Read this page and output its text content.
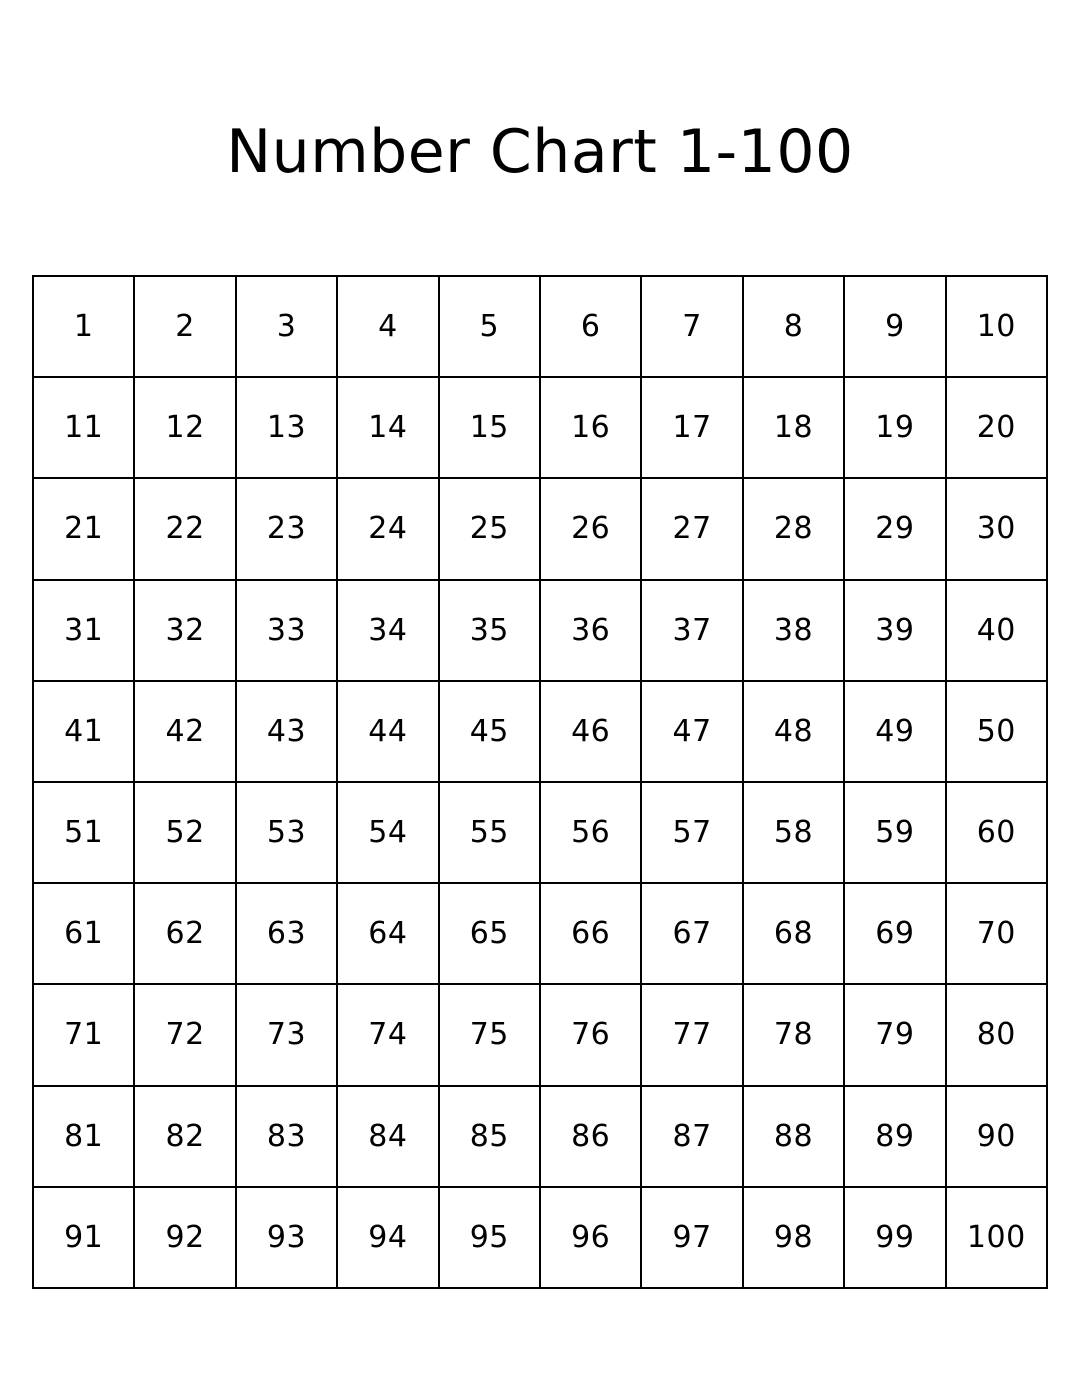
Number Chart 1-100
1	2	3	4	5	6	7	8	9	10
11	12	13	14	15	16	17	18	19	20
21	22	23	24	25	26	27	28	29	30
31	32	33	34	35	36	37	38	39	40
41	42	43	44	45	46	47	48	49	50
51	52	53	54	55	56	57	58	59	60
61	62	63	64	65	66	67	68	69	70
71	72	73	74	75	76	77	78	79	80
81	82	83	84	85	86	87	88	89	90
91	92	93	94	95	96	97	98	99	100
